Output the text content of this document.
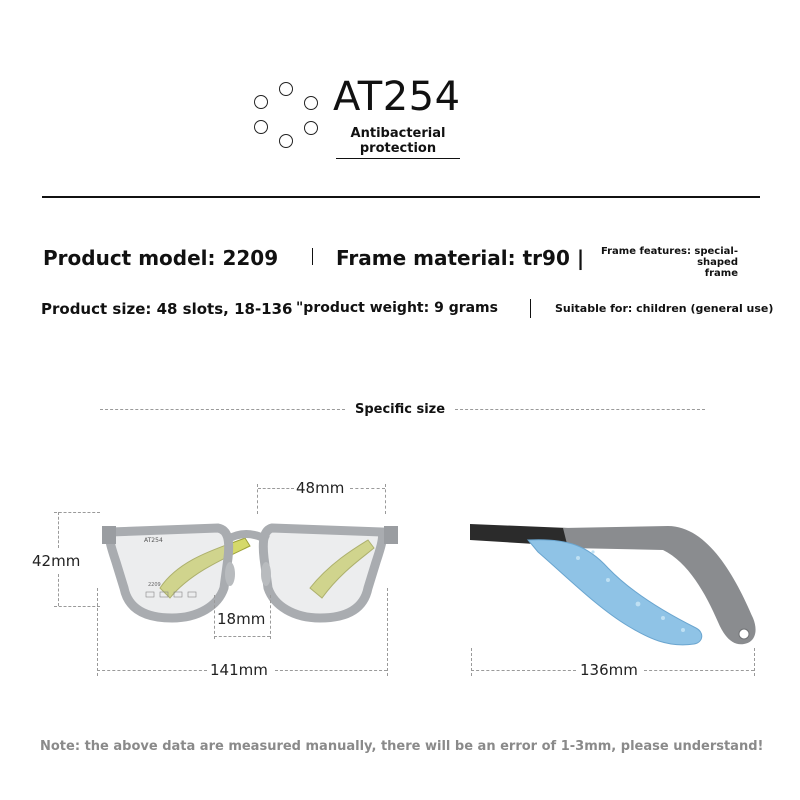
AT254
Antibacterial
protection
Product model: 2209	Frame material: tr90 |	Frame features: special-shaped
frame
Product size: 48 slots, 18-136 "product weight: 9 grams	Suitable for: children (general use)
Specific size
AT254
2209
48mm
42mm
18mm
141mm	136mm
Note: the above data are measured manually, there will be an error of 1-3mm, please understand!
